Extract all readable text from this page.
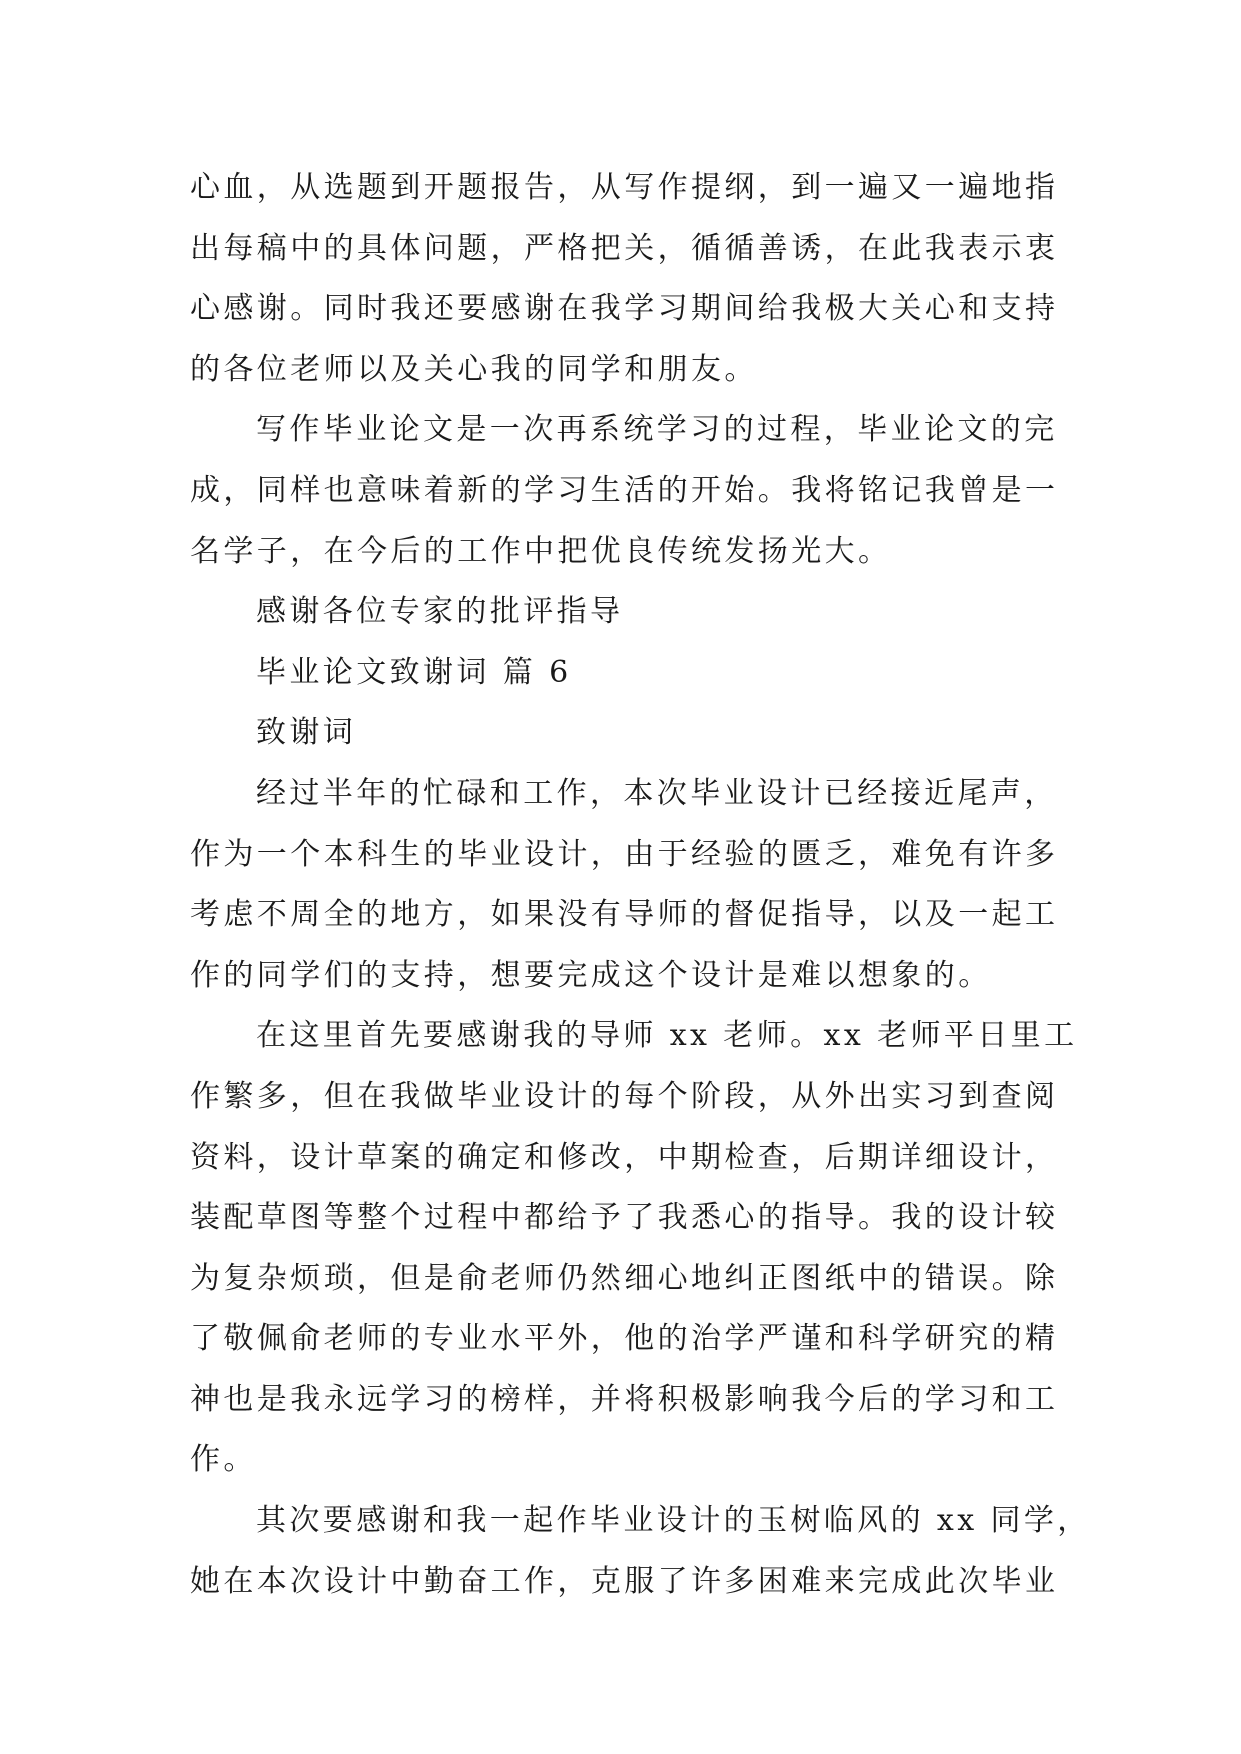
心血，从选题到开题报告，从写作提纲，到一遍又一遍地指
出每稿中的具体问题，严格把关，循循善诱，在此我表示衷
心感谢。同时我还要感谢在我学习期间给我极大关心和支持
的各位老师以及关心我的同学和朋友。
写作毕业论文是一次再系统学习的过程，毕业论文的完
成，同样也意味着新的学习生活的开始。我将铭记我曾是一
名学子，在今后的工作中把优良传统发扬光大。
感谢各位专家的批评指导
毕业论文致谢词 篇 6
致谢词
经过半年的忙碌和工作，本次毕业设计已经接近尾声，
作为一个本科生的毕业设计，由于经验的匮乏，难免有许多
考虑不周全的地方，如果没有导师的督促指导，以及一起工
作的同学们的支持，想要完成这个设计是难以想象的。
在这里首先要感谢我的导师 xx 老师。xx 老师平日里工
作繁多，但在我做毕业设计的每个阶段，从外出实习到查阅
资料，设计草案的确定和修改，中期检查，后期详细设计，
装配草图等整个过程中都给予了我悉心的指导。我的设计较
为复杂烦琐，但是俞老师仍然细心地纠正图纸中的错误。除
了敬佩俞老师的专业水平外，他的治学严谨和科学研究的精
神也是我永远学习的榜样，并将积极影响我今后的学习和工
作。
其次要感谢和我一起作毕业设计的玉树临风的 xx 同学，
她在本次设计中勤奋工作，克服了许多困难来完成此次毕业
